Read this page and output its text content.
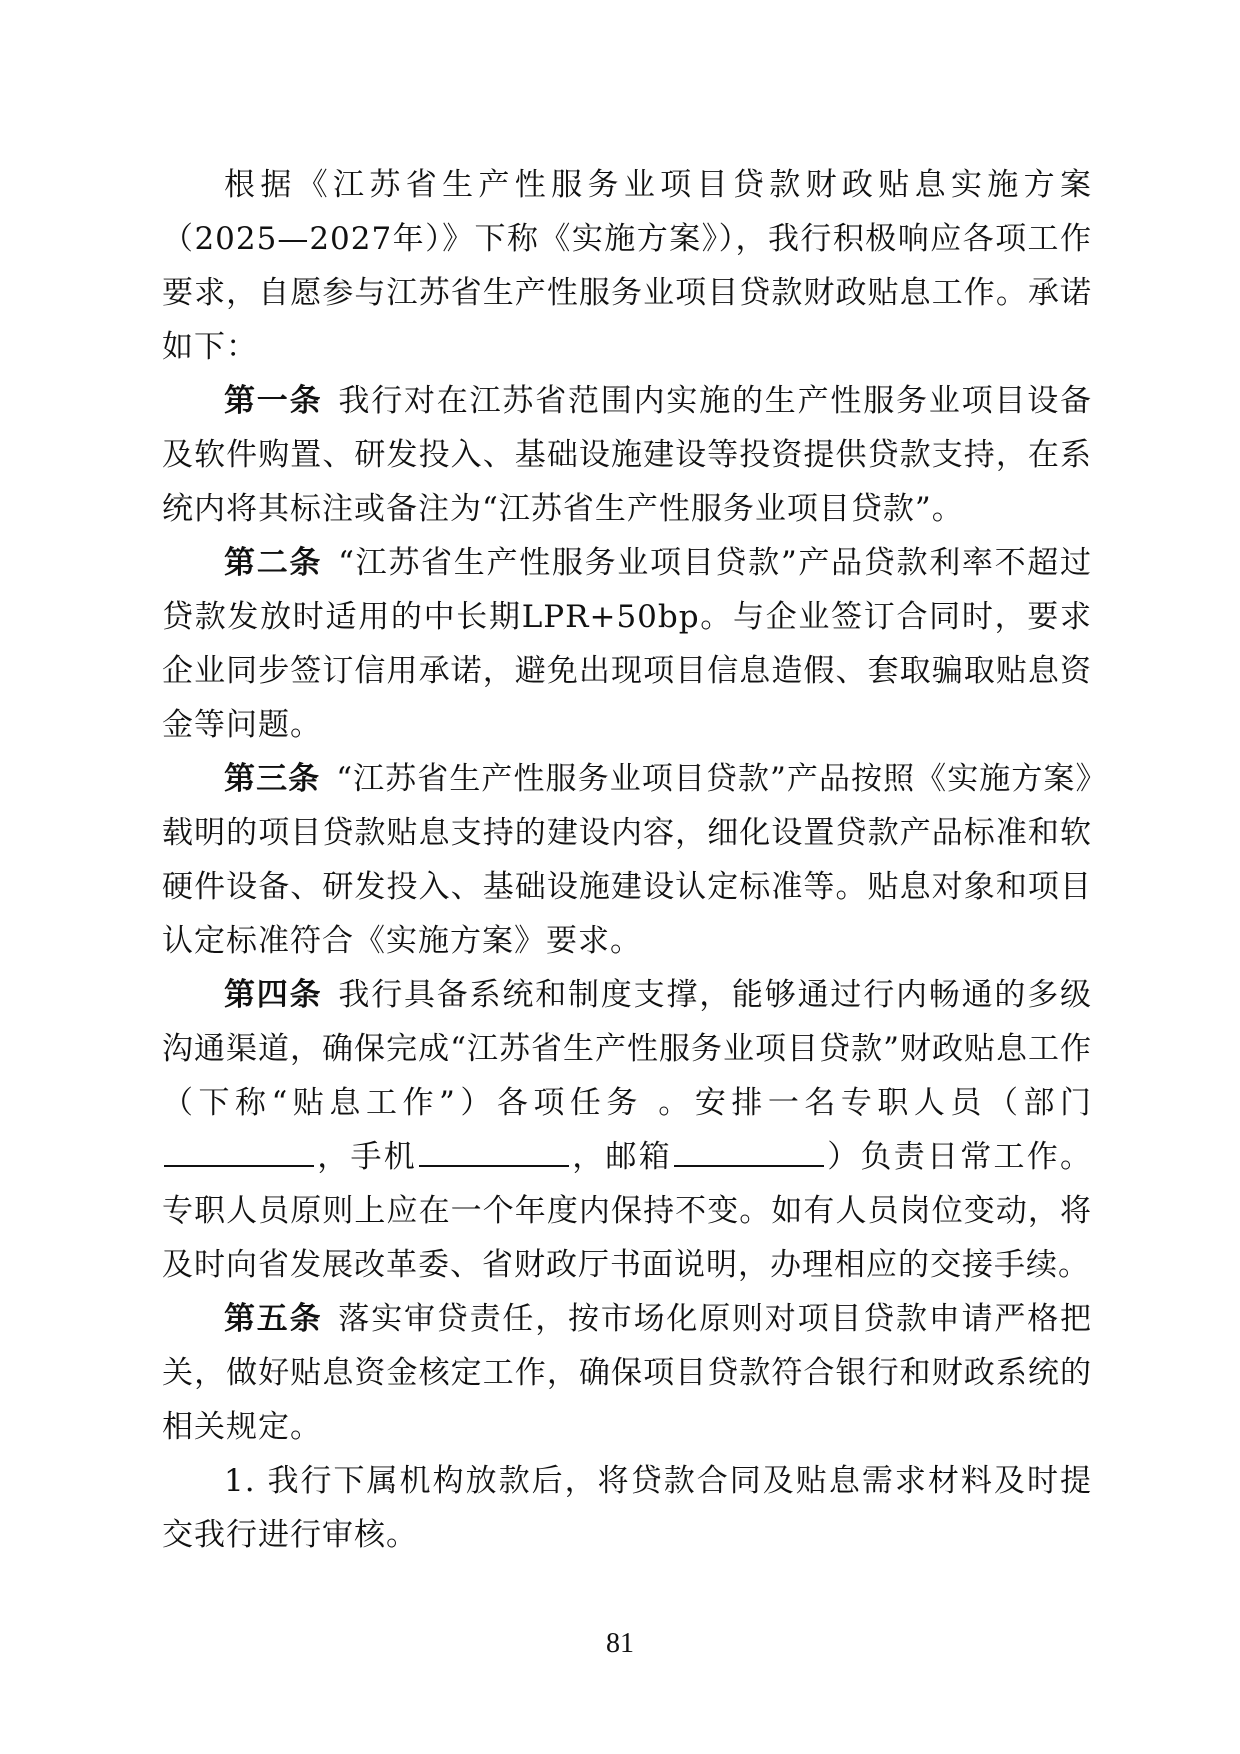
根据《江苏省生产性服务业项目贷款财政贴息实施方案（2025—2027年）》下称《实施方案》），我行积极响应各项工作要求，自愿参与江苏省生产性服务业项目贷款财政贴息工作。承诺如下：

第一条 我行对在江苏省范围内实施的生产性服务业项目设备及软件购置、研发投入、基础设施建设等投资提供贷款支持，在系统内将其标注或备注为“江苏省生产性服务业项目贷款”。

第二条 “江苏省生产性服务业项目贷款”产品贷款利率不超过贷款发放时适用的中长期LPR+50bp。与企业签订合同时，要求企业同步签订信用承诺，避免出现项目信息造假、套取骗取贴息资金等问题。

第三条 “江苏省生产性服务业项目贷款”产品按照《实施方案》载明的项目贷款贴息支持的建设内容，细化设置贷款产品标准和软硬件设备、研发投入、基础设施建设认定标准等。贴息对象和项目认定标准符合《实施方案》要求。

第四条 我行具备系统和制度支撑，能够通过行内畅通的多级沟通渠道，确保完成“江苏省生产性服务业项目贷款”财政贴息工作（下称“贴息工作”）各项任务 。安排一名专职人员（部门，手机	，邮箱	）负责日常工作。专职人员原则上应在一个年度内保持不变。如有人员岗位变动，将及时向省发展改革委、省财政厅书面说明，办理相应的交接手续。

第五条 落实审贷责任，按市场化原则对项目贷款申请严格把关，做好贴息资金核定工作，确保项目贷款符合银行和财政系统的相关规定。

1. 我行下属机构放款后，将贷款合同及贴息需求材料及时提交我行进行审核。

81
